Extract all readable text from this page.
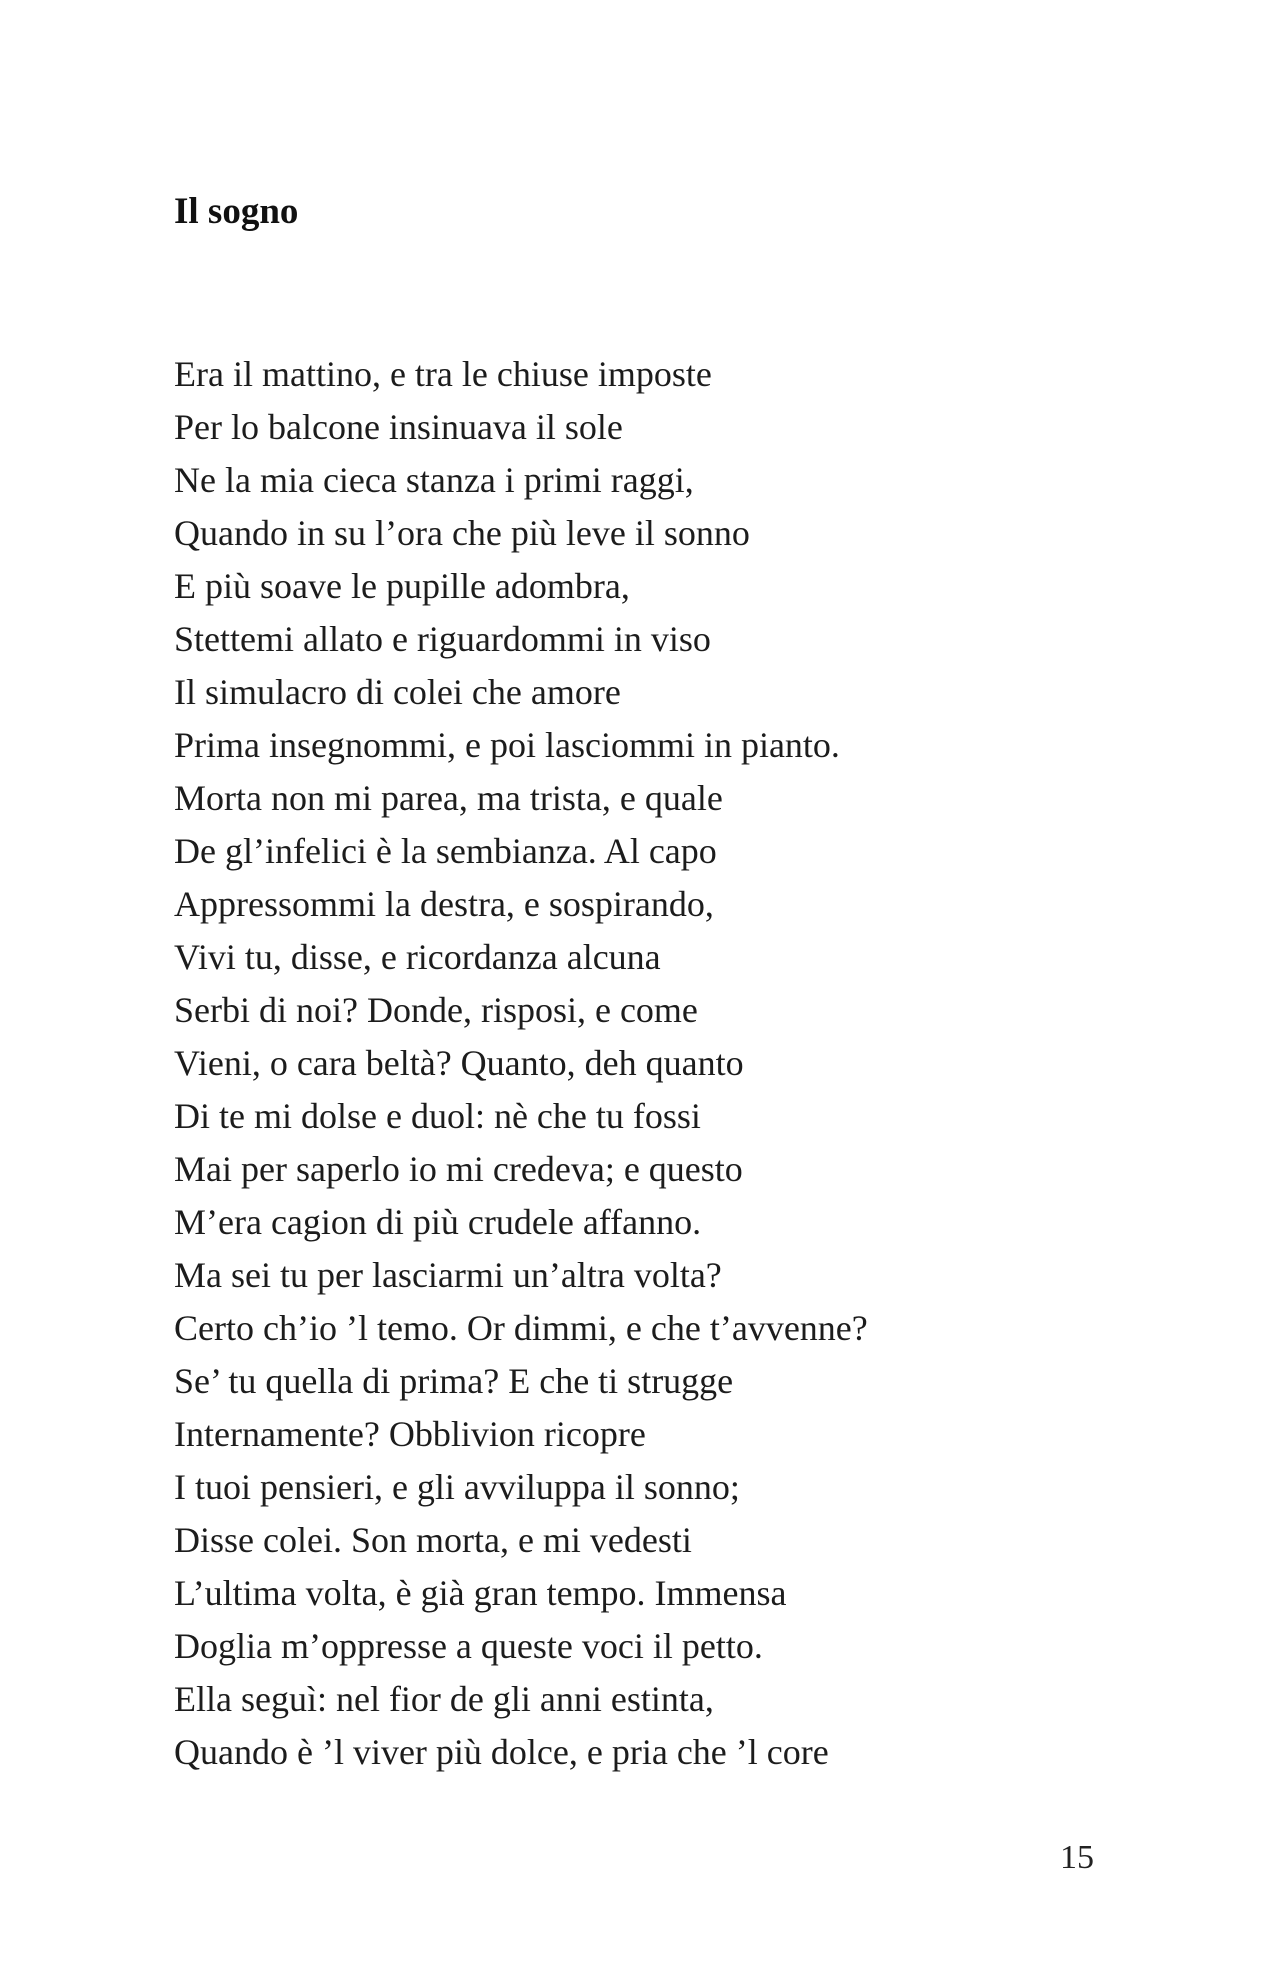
Il sogno
Era il mattino, e tra le chiuse imposte
Per lo balcone insinuava il sole
Ne la mia cieca stanza i primi raggi,
Quando in su l’ora che più leve il sonno
E più soave le pupille adombra,
Stettemi allato e riguardommi in viso
Il simulacro di colei che amore
Prima insegnommi, e poi lasciommi in pianto.
Morta non mi parea, ma trista, e quale
De gl’infelici è la sembianza. Al capo
Appressommi la destra, e sospirando,
Vivi tu, disse, e ricordanza alcuna
Serbi di noi? Donde, risposi, e come
Vieni, o cara beltà? Quanto, deh quanto
Di te mi dolse e duol: nè che tu fossi
Mai per saperlo io mi credeva; e questo
M’era cagion di più crudele affanno.
Ma sei tu per lasciarmi un’altra volta?
Certo ch’io ’l temo. Or dimmi, e che t’avvenne?
Se’ tu quella di prima? E che ti strugge
Internamente? Obblivion ricopre
I tuoi pensieri, e gli avviluppa il sonno;
Disse colei. Son morta, e mi vedesti
L’ultima volta, è già gran tempo. Immensa
Doglia m’oppresse a queste voci il petto.
Ella seguì: nel fior de gli anni estinta,
Quando è ’l viver più dolce, e pria che ’l core
15
